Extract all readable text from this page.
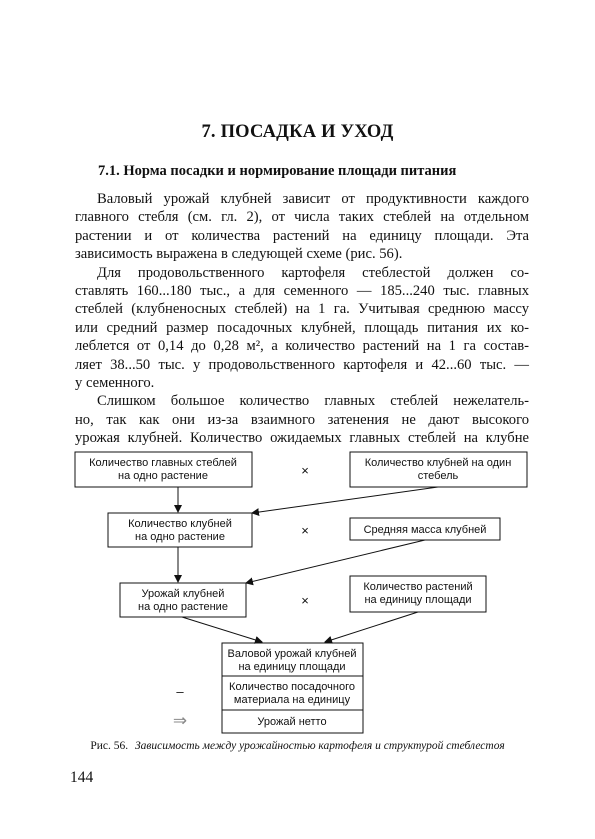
7. ПОСАДКА И УХОД
7.1. Норма посадки и нормирование площади питания

Валовый урожай клубней зависит от продуктивности каждого
главного стебля (см. гл. 2), от числа таких стеблей на отдельном
растении и от количества растений на единицу площади. Эта
зависимость выражена в следующей схеме (рис. 56).

Для продовольственного картофеля стеблестой должен со-
ставлять 160...180 тыс., а для семенного — 185...240 тыс. главных
стеблей (клубненосных стеблей) на 1 га. Учитывая среднюю массу
или средний размер посадочных клубней, площадь питания их ко-
леблется от 0,14 до 0,28 м², а количество растений на 1 га состав-
ляет 38...50 тыс. у продовольственного картофеля и 42...60 тыс. —
у семенного.

Слишком большое количество главных стеблей нежелатель-
но, так как они из-за взаимного затенения не дают высокого
урожая клубней. Количество ожидаемых главных стеблей на клубне

Количество главных стеблей
на одно растение	×	Количество клубней на один
стебель
Количество клубней
на одно растение	×	Средняя масса клубней
Урожай клубней
на одно растение	×
Количество растений
на единицу площади
Валовой урожай клубней
на единицу площади
Количество посадочного
материала на единицу
Урожай нетто
–
⇒
Рис. 56. Зависимость между урожайностью картофеля и структурой стеблестоя
144
